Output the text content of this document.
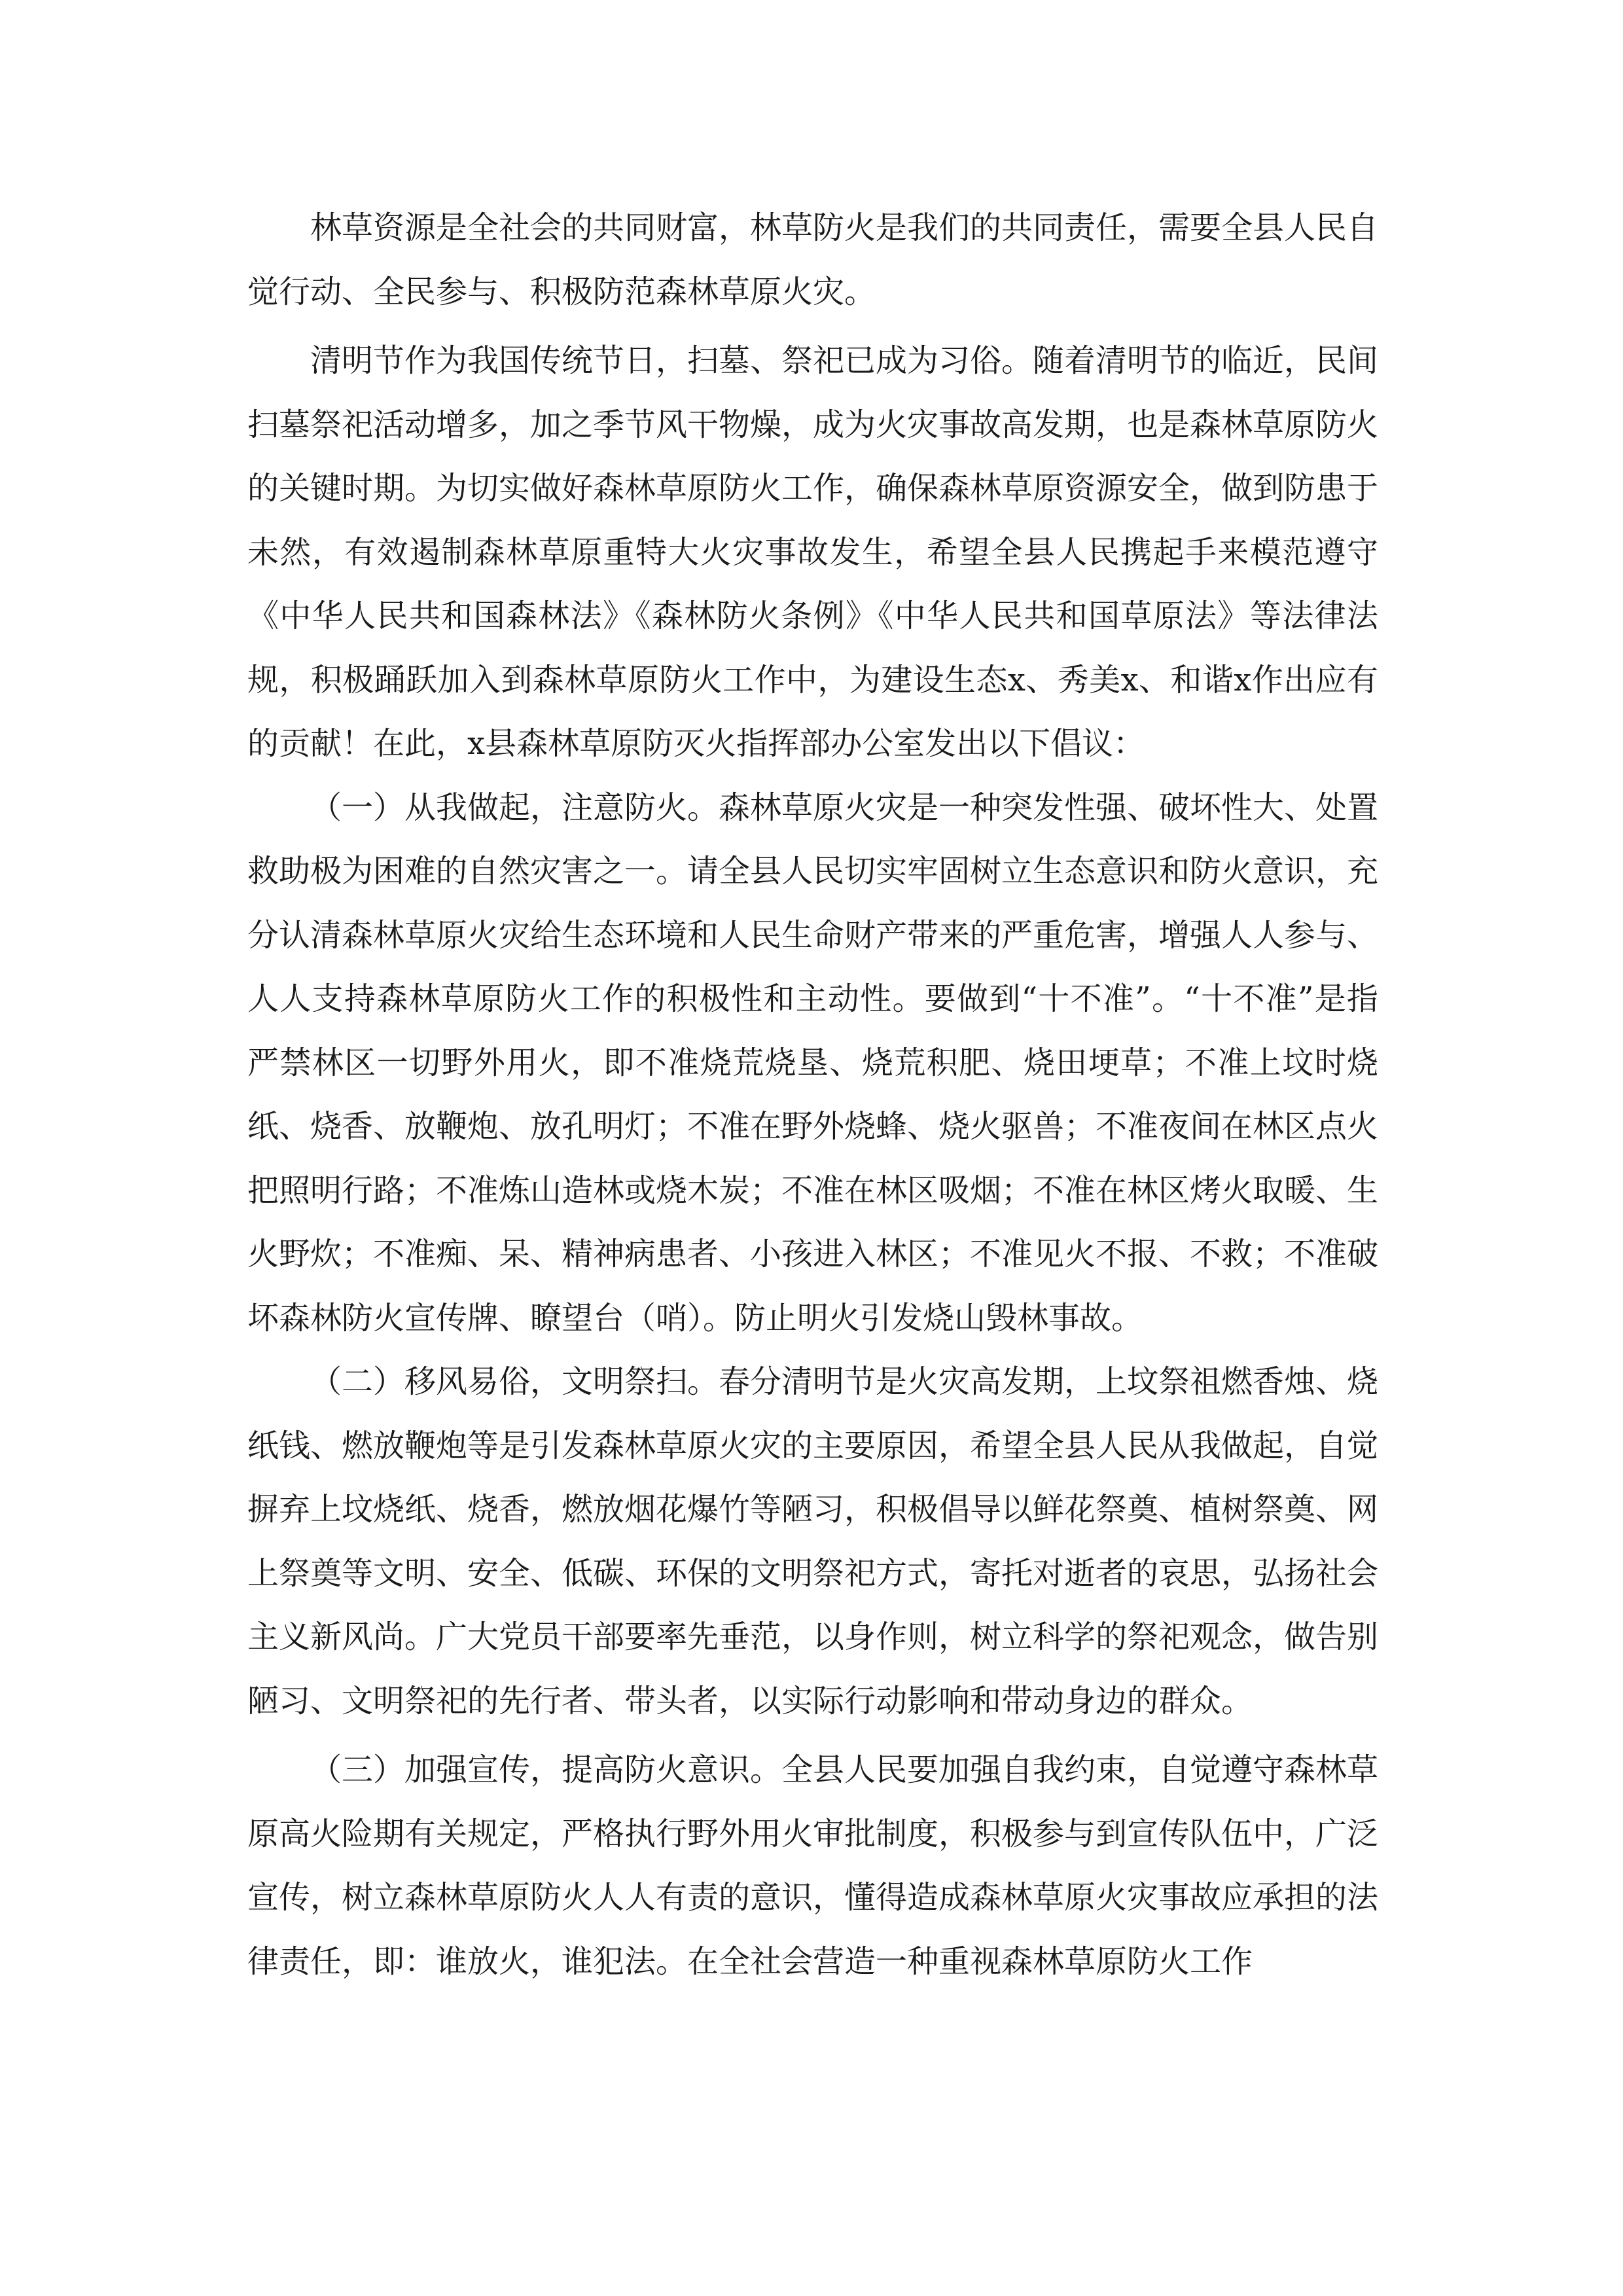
林草资源是全社会的共同财富，林草防火是我们的共同责任，需要全县人民自觉行动、全民参与、积极防范森林草原火灾。

清明节作为我国传统节日，扫墓、祭祀已成为习俗。随着清明节的临近，民间扫墓祭祀活动增多，加之季节风干物燥，成为火灾事故高发期，也是森林草原防火的关键时期。为切实做好森林草原防火工作，确保森林草原资源安全，做到防患于未然，有效遏制森林草原重特大火灾事故发生，希望全县人民携起手来模范遵守《中华人民共和国森林法》《森林防火条例》《中华人民共和国草原法》等法律法规，积极踊跃加入到森林草原防火工作中，为建设生态x、秀美x、和谐x作出应有的贡献！在此，x县森林草原防灭火指挥部办公室发出以下倡议：

（一）从我做起，注意防火。森林草原火灾是一种突发性强、破坏性大、处置救助极为困难的自然灾害之一。请全县人民切实牢固树立生态意识和防火意识，充分认清森林草原火灾给生态环境和人民生命财产带来的严重危害，增强人人参与、人人支持森林草原防火工作的积极性和主动性。要做到“十不准”。“十不准”是指严禁林区一切野外用火，即不准烧荒烧垦、烧荒积肥、烧田埂草；不准上坟时烧纸、烧香、放鞭炮、放孔明灯；不准在野外烧蜂、烧火驱兽；不准夜间在林区点火把照明行路；不准炼山造林或烧木炭；不准在林区吸烟；不准在林区烤火取暖、生火野炊；不准痴、呆、精神病患者、小孩进入林区；不准见火不报、不救；不准破坏森林防火宣传牌、瞭望台（哨）。防止明火引发烧山毁林事故。

（二）移风易俗，文明祭扫。春分清明节是火灾高发期，上坟祭祖燃香烛、烧纸钱、燃放鞭炮等是引发森林草原火灾的主要原因，希望全县人民从我做起，自觉摒弃上坟烧纸、烧香，燃放烟花爆竹等陋习，积极倡导以鲜花祭奠、植树祭奠、网上祭奠等文明、安全、低碳、环保的文明祭祀方式，寄托对逝者的哀思，弘扬社会主义新风尚。广大党员干部要率先垂范，以身作则，树立科学的祭祀观念，做告别陋习、文明祭祀的先行者、带头者，以实际行动影响和带动身边的群众。

（三）加强宣传，提高防火意识。全县人民要加强自我约束，自觉遵守森林草原高火险期有关规定，严格执行野外用火审批制度，积极参与到宣传队伍中，广泛宣传，树立森林草原防火人人有责的意识，懂得造成森林草原火灾事故应承担的法律责任，即：谁放火，谁犯法。在全社会营造一种重视森林草原防火工作
